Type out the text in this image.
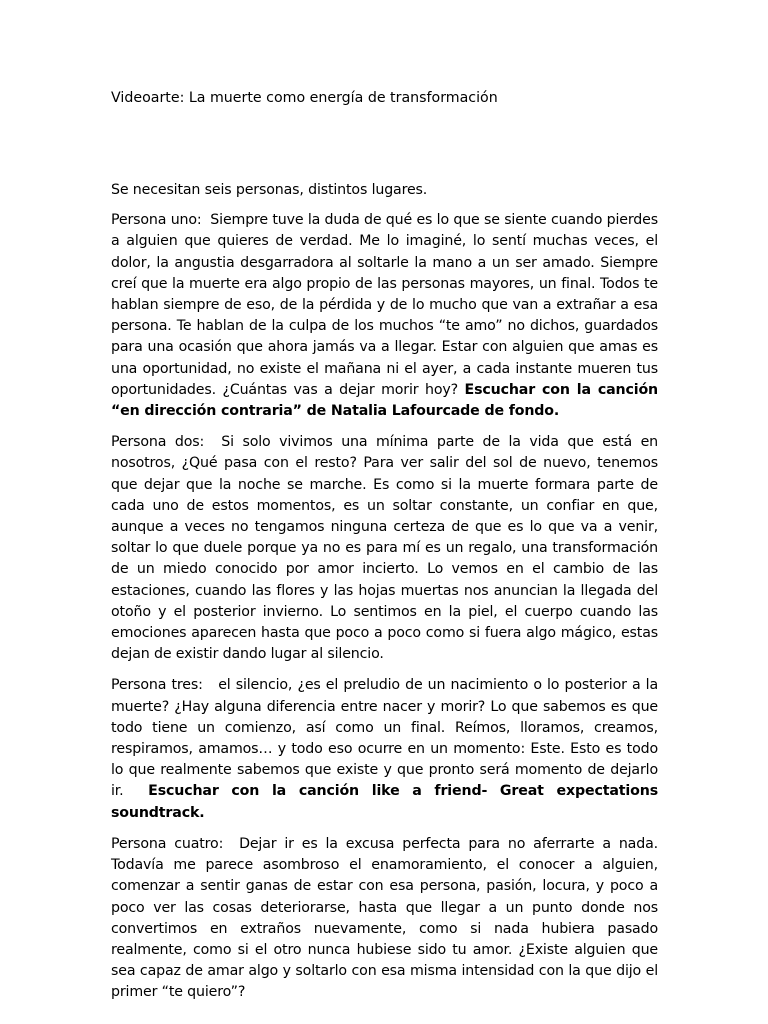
Videoarte: La muerte como energía de transformación

Se necesitan seis personas, distintos lugares.

Persona uno: Siempre tuve la duda de qué es lo que se siente cuando pierdes a alguien que quieres de verdad. Me lo imaginé, lo sentí muchas veces, el dolor, la angustia desgarradora al soltarle la mano a un ser amado. Siempre creí que la muerte era algo propio de las personas mayores, un final. Todos te hablan siempre de eso, de la pérdida y de lo mucho que van a extrañar a esa persona. Te hablan de la culpa de los muchos “te amo” no dichos, guardados para una ocasión que ahora jamás va a llegar. Estar con alguien que amas es una oportunidad, no existe el mañana ni el ayer, a cada instante mueren tus oportunidades. ¿Cuántas vas a dejar morir hoy? Escuchar con la canción “en dirección contraria” de Natalia Lafourcade de fondo.

Persona dos: Si solo vivimos una mínima parte de la vida que está en nosotros, ¿Qué pasa con el resto? Para ver salir del sol de nuevo, tenemos que dejar que la noche se marche. Es como si la muerte formara parte de cada uno de estos momentos, es un soltar constante, un confiar en que, aunque a veces no tengamos ninguna certeza de que es lo que va a venir, soltar lo que duele porque ya no es para mí es un regalo, una transformación de un miedo conocido por amor incierto. Lo vemos en el cambio de las estaciones, cuando las flores y las hojas muertas nos anuncian la llegada del otoño y el posterior invierno. Lo sentimos en la piel, el cuerpo cuando las emociones aparecen hasta que poco a poco como si fuera algo mágico, estas dejan de existir dando lugar al silencio.

Persona tres: el silencio, ¿es el preludio de un nacimiento o lo posterior a la muerte? ¿Hay alguna diferencia entre nacer y morir? Lo que sabemos es que todo tiene un comienzo, así como un final. Reímos, lloramos, creamos, respiramos, amamos… y todo eso ocurre en un momento: Este. Esto es todo lo que realmente sabemos que existe y que pronto será momento de dejarlo ir. Escuchar con la canción like a friend- Great expectations soundtrack.

Persona cuatro: Dejar ir es la excusa perfecta para no aferrarte a nada. Todavía me parece asombroso el enamoramiento, el conocer a alguien, comenzar a sentir ganas de estar con esa persona, pasión, locura, y poco a poco ver las cosas deteriorarse, hasta que llegar a un punto donde nos convertimos en extraños nuevamente, como si nada hubiera pasado realmente, como si el otro nunca hubiese sido tu amor. ¿Existe alguien que sea capaz de amar algo y soltarlo con esa misma intensidad con la que dijo el primer “te quiero”?
